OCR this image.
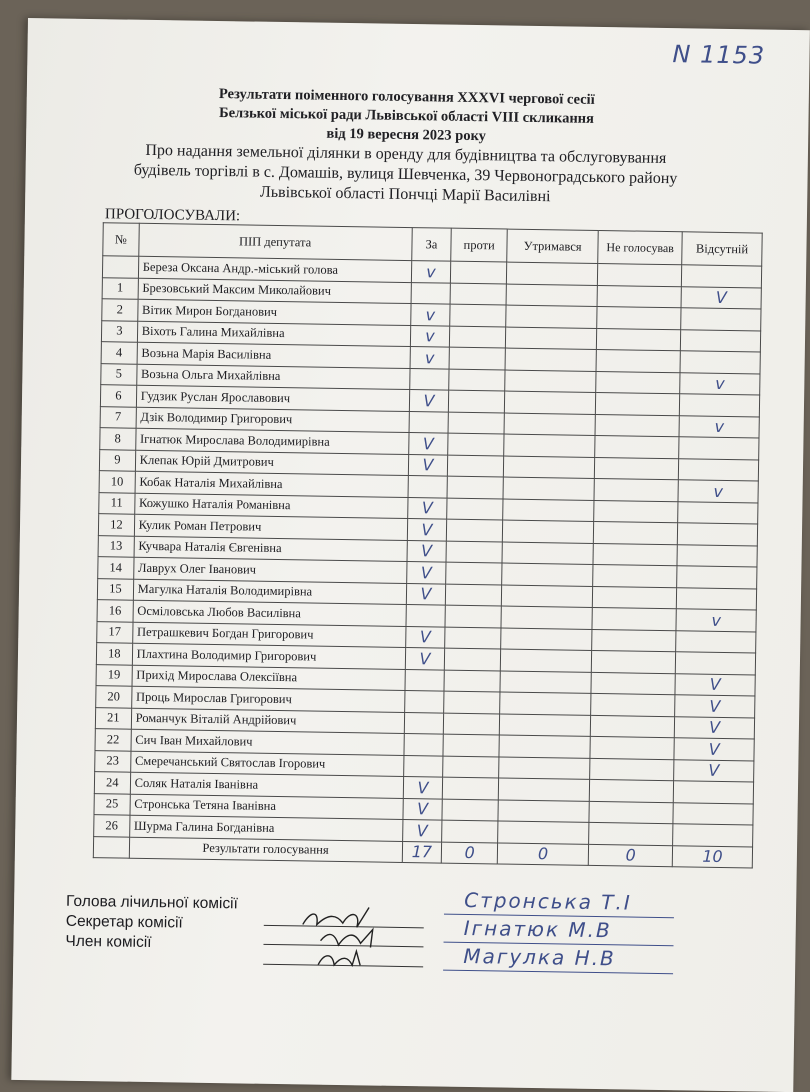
N 1153
Результати поіменного голосування XXXVI чергової сесії
Белзької міської ради Львівської області VIII скликання
від 19 вересня 2023 року
Про надання земельної ділянки в оренду для будівництва та обслуговування
будівель торгівлі в с. Домашів, вулиця Шевченка, 39 Червоноградського району
Львівської області Пончці Марії Василівні
ПРОГОЛОСУВАЛИ:
№	ПІП депутата	За	проти	Утримався	Не голосував	Відсутній
	Береза Оксана Андр.-міський голова	v				
1	Брезовський Максим Миколайович					V
2	Вітик Мирон Богданович	v				
3	Віхоть Галина Михайлівна	v				
4	Возьна Марія Василівна	v				
5	Возьна Ольга Михайлівна					v
6	Гудзик Руслан Ярославович	V				
7	Дзік Володимир Григорович					v
8	Ігнатюк Мирослава Володимирівна	V				
9	Клепак Юрій Дмитрович	V				
10	Кобак Наталія Михайлівна					v
11	Кожушко Наталія Романівна	V				
12	Кулик Роман Петрович	V				
13	Кучвара Наталія Євгенівна	V				
14	Лаврух Олег Іванович	V				
15	Магулка Наталія Володимирівна	V				
16	Осміловська Любов Василівна					v
17	Петрашкевич Богдан Григорович	V				
18	Плахтина Володимир Григорович	V				
19	Прихід Мирослава Олексіївна					V
20	Проць Мирослав Григорович					V
21	Романчук Віталій Андрійович					V
22	Сич Іван Михайлович					V
23	Смеречанський Святослав Ігорович					V
24	Соляк Наталія Іванівна	V				
25	Стронська Тетяна Іванівна	V				
26	Шурма Галина Богданівна	V				
	Результати голосування	17	0	0	0	10
Голова лічильної комісії
Секретар комісії
Член комісії
Стронська Т.І
Ігнатюк М.В
Магулка Н.В
